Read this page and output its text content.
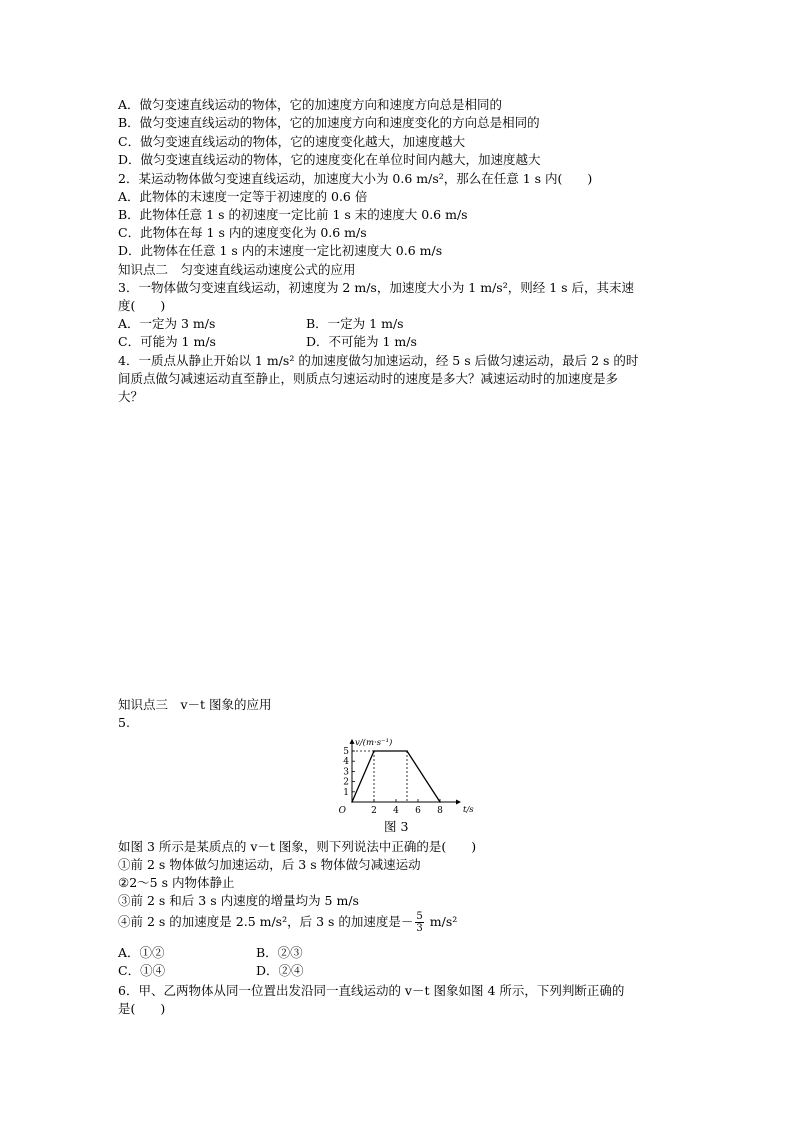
A．做匀变速直线运动的物体，它的加速度方向和速度方向总是相同的
B．做匀变速直线运动的物体，它的加速度方向和速度变化的方向总是相同的
C．做匀变速直线运动的物体，它的速度变化越大，加速度越大
D．做匀变速直线运动的物体，它的速度变化在单位时间内越大，加速度越大
2．某运动物体做匀变速直线运动，加速度大小为 0.6 m/s²，那么在任意 1 s 内(　　)
A．此物体的末速度一定等于初速度的 0.6 倍
B．此物体任意 1 s 的初速度一定比前 1 s 末的速度大 0.6 m/s
C．此物体在每 1 s 内的速度变化为 0.6 m/s
D．此物体在任意 1 s 内的末速度一定比初速度大 0.6 m/s
知识点二　匀变速直线运动速度公式的应用
3．一物体做匀变速直线运动，初速度为 2 m/s，加速度大小为 1 m/s²，则经 1 s 后，其末速
度(　　)
A．一定为 3 m/s	B．一定为 1 m/s
C．可能为 1 m/s	D．不可能为 1 m/s
4．一质点从静止开始以 1 m/s² 的加速度做匀加速运动，经 5 s 后做匀速运动，最后 2 s 的时
间质点做匀减速运动直至静止，则质点匀速运动时的速度是多大？减速运动时的加速度是多
大？
知识点三　v－t 图象的应用
5.
1
2
3
4
5
2 4 6 8
O	t/s
v/(m·s⁻¹)
图 3
如图 3 所示是某质点的 v－t 图象，则下列说法中正确的是(　　)
①前 2 s 物体做匀加速运动，后 3 s 物体做匀减速运动
②2～5 s 内物体静止
③前 2 s 和后 3 s 内速度的增量均为 5 m/s
④前 2 s 的加速度是 2.5 m/s²，后 3 s 的加速度是－ $\frac{5}{3} m/s^2$
A．①②	B．②③
C．①④	D．②④
6．甲、乙两物体从同一位置出发沿同一直线运动的 v－t 图象如图 4 所示，下列判断正确的
是(　　)
